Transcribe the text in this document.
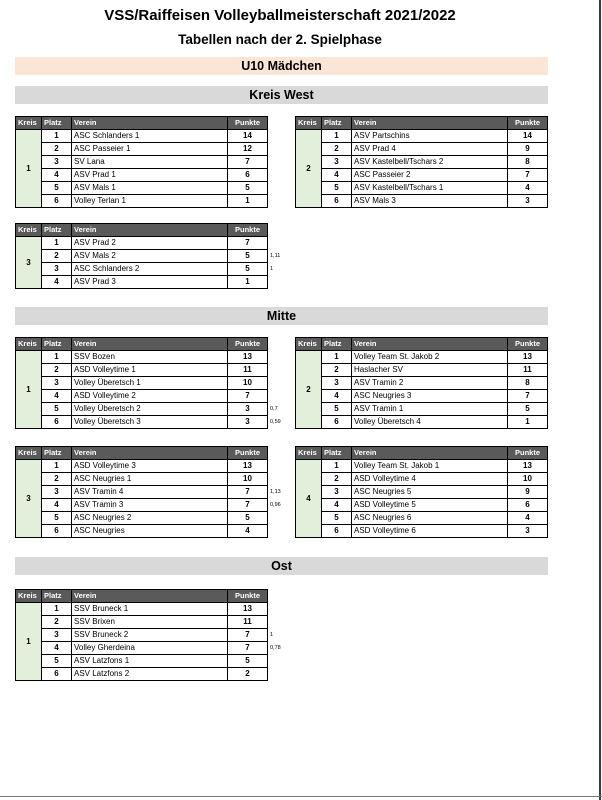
VSS/Raiffeisen Volleyballmeisterschaft 2021/2022
Tabellen nach der 2. Spielphase
U10 Mädchen
Kreis West
Mitte
Ost
Kreis	Platz	Verein	Punkte	
1	1	ASC Schlanders 1	14	
	2	ASC Passeier 1	12	
	3	SV Lana	7	
	4	ASV Prad 1	6	
	5	ASV Mals 1	5	
	6	Volley Terlan 1	1	
Kreis	Platz	Verein	Punkte	
2	1	ASV Partschins	14	
	2	ASV Prad 4	9	
	3	ASV Kastelbell/Tschars 2	8	
	4	ASC Passeier 2	7	
	5	ASV Kastelbell/Tschars 1	4	
	6	ASV Mals 3	3	
Kreis	Platz	Verein	Punkte	
3	1	ASV Prad 2	7	
	2	ASV Mals 2	5	1,11
	3	ASC Schlanders 2	5	1
	4	ASV Prad 3	1	
Kreis	Platz	Verein	Punkte	
1	1	SSV Bozen	13	
	2	ASD Volleytime 1	11	
	3	Volley Überetsch 1	10	
	4	ASD Volleytime 2	7	
	5	Volley Überetsch 2	3	0,7
	6	Volley Überetsch 3	3	0,59
Kreis	Platz	Verein	Punkte	
2	1	Volley Team St. Jakob 2	13	
	2	Haslacher SV	11	
	3	ASV Tramin 2	8	
	4	ASC Neugries 3	7	
	5	ASV Tramin 1	5	
	6	Volley Überetsch 4	1	
Kreis	Platz	Verein	Punkte	
3	1	ASD Volleytime 3	13	
	2	ASC Neugries 1	10	
	3	ASV Tramin 4	7	1,13
	4	ASV Tramin 3	7	0,96
	5	ASC Neugries 2	5	
	6	ASC Neugries	4	
Kreis	Platz	Verein	Punkte	
4	1	Volley Team St. Jakob 1	13	
	2	ASD Volleytime 4	10	
	3	ASC Neugries 5	9	
	4	ASD Volleytime 5	6	
	5	ASC Neugries 6	4	
	6	ASD Volleytime 6	3	
Kreis	Platz	Verein	Punkte	
1	1	SSV Bruneck 1	13	
	2	SSV Brixen	11	
	3	SSV Bruneck 2	7	1
	4	Volley Gherdeina	7	0,78
	5	ASV Latzfons 1	5	
	6	ASV Latzfons 2	2	
